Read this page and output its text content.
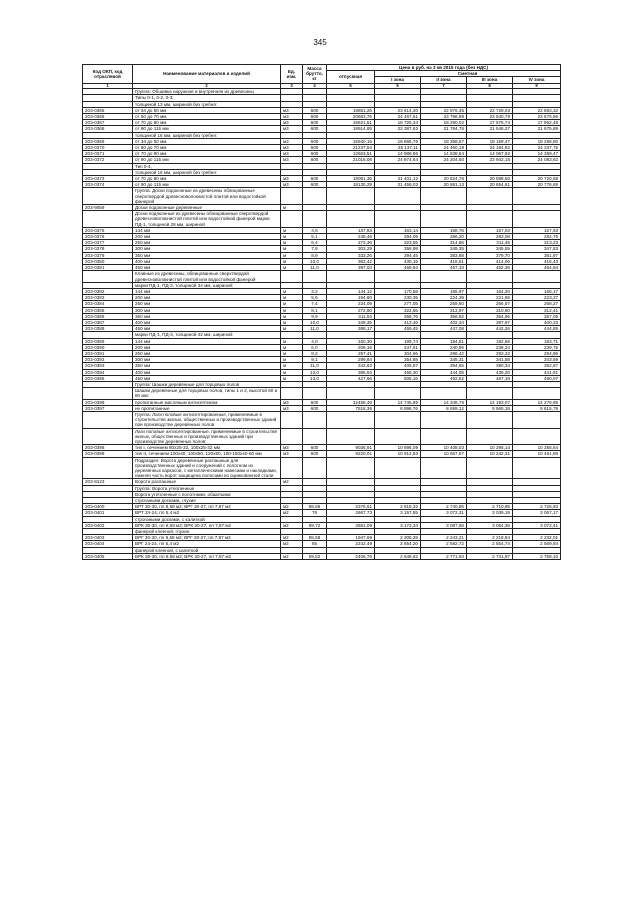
345
Код ОКП, код отраслевой	Наименование материалов и изделий	Ед. изм.	Масса брутто, кг	Цена в руб. на 3 кв 2015 года (без НДС)				
				отпускная	Сметная			
					I зона	II зона	III зона	IV зона
1	2	3	4	5	6	7	8	9
	Группа: Обшивка наружная и внутренняя из древесины							
	Типы 0-1, 0-2, 0-3;							
	толщиной 13 мм, шириной без гребня:							
203-0365	от 34 до 50 мм	м3	600	19851,26	23 614,30	22 976,35	22 729,03	22 863,32
203-0366	от 50 до 70 мм	м3	600	20663,75	24 457,61	23 788,99	23 540,79	23 675,86
203-0367	от 70 до 90 мм	м3	600	15821,51	18 726,34	18 280,02	17 575,74	17 952,48
203-0368	от 90 до 115 мм	м3	600	18914,85	22 387,63	21 784,76	21 548,37	21 675,89
	толщиной 16 мм, шириной без гребня:							
203-0369	от 34 до 50 мм	м3	600	15940,15	18 866,76	18 358,67	18 159,47	18 266,80
203-0370	от 50 до 70 мм	м3	600	21237,54	25 137,11	24 460,19	24 194,82	24 337,75
203-0371	от 70 до 90 мм	м3	600	12663,51	14 988,86	14 638,64	14 067,92	14 369,47
203-0372	от 90 до 115 мм	м3	600	21016,08	24 874,64	24 204,60	23 942,15	24 083,62
	Тип 0-4,							
	толщиной 16 мм, шириной без гребня:							
203-0373	от 70 до 90 мм	м3	600	18081,35	21 401,12	20 824,76	20 598,50	20 720,58
203-0374	от 90 до 115 мм	м3	600	18130,29	21 459,03	20 881,13	20 654,61	20 776,68
	Группа: Доски подоконные из древесины облицованные сверхтвердой древесноволокнистой плитой или водостойкой фанерой							
203-9059	Доски подоконные деревянные	м						
	Доски подоконные из древесины облицованные сверхтвердой древесноволокнистой плитой или водостойкой фанерой марки ПД-1, толщиной 28 мм, шириной							
203-0375	144 мм	м	3,6	137,83	163,14	158,76	157,03	157,93
203-0376	200 мм	м	5,1	248,46	294,09	286,20	283,08	284,76
203-0377	250 мм	м	6,4	273,36	323,55	314,86	311,45	313,23
203-0378	300 мм	м	7,6	303,29	358,98	349,35	345,55	347,53
203-0379	350 мм	м	8,9	333,26	394,45	383,88	379,70	381,87
203-0380	400 мм	м	10,0	363,42	430,15	418,61	414,06	416,43
203-0381	450 мм	м	11,0	397,03	469,94	457,33	452,36	454,94
	Клавные из древесины, облицованные сверхтвердой древесноволокнистой плитой или водостойкой фанерой							
	марки ПД-1, ПД-3, толщиной 34 мм, шириной:							
203-0382	144 мм	м	3,2	144,12	170,58	165,97	164,20	165,17
203-0383	200 мм	м	5,6	194,60	230,35	224,39	221,65	223,27
203-0384	250 мм	м	7,4	234,09	277,05	269,60	266,67	268,27
203-0385	300 мм	м	8,1	272,60	322,66	313,97	310,60	312,41
203-0386	350 мм	м	9,9	311,53	368,76	358,82	354,96	357,05
203-0387	400 мм	м	10,0	349,35	413,46	402,34	397,97	400,33
203-0388	450 мм	м	11,0	388,17	459,45	447,08	442,26	444,85
	марки ПД-1, ПД-3, толщиной 42 мм, шириной:							
203-0389	144 мм	м	4,0	160,30	189,74	184,61	182,58	183,71
203-0390	200 мм	м	6,0	209,16	247,61	240,95	238,34	239,75
203-0391	250 мм	м	8,2	257,41	304,66	296,42	293,22	294,96
203-0392	300 мм	м	9,1	299,84	354,88	345,31	341,58	343,59
203-0393	350 мм	м	11,0	342,63	405,57	394,65	390,34	392,67
203-0394	400 мм	м	12,0	385,53	456,30	444,05	439,20	441,81
203-0395	450 мм	м	13,0	427,66	506,16	492,52	487,18	490,07
	Группа: Шашки деревянные для торцовых полов							
	Шашки деревянные для торцовых полов, типы 1 и 2, высотой 60 и 80 мм:							
203-0396	пропитанные масляным антисептиком	м3	600	12458,49	14 745,85	14 348,76	14 193,07	14 276,95
203-0397	не пропитанные	м3	600	7518,36	8 898,76	8 659,12	8 565,18	8 615,78
	Группа: Лаги половые антисептированные, применяемые в строительстве жилых, общественных и производственных зданий при производстве деревянных полов							
	Лаги половые антисептированные, применяемые в строительстве жилых, общественных и производственных зданий при производстве деревянных полов:							
203-0398	тип I, сечением 80х25-32, 100х25-32 мм	м3	600	9036,91	10 696,09	10 408,03	10 295,14	10 355,84
203-0399	тип II, сечением 100х40, 100х50, 120х50, 100-150х40-60 мм	м3	600	9220,01	10 912,83	10 657,97	10 242,31	10 461,86
	Подраздел: Ворота деревянные распашные для производственных зданий и сооружений с полотном из деревянных каркасов, с металлическими навесами и накладками, нижняя часть ворот защищена полосами из оцинкованной стали							
203-9123	Ворота распашные	м2						
	Группа: Ворота утепленные							
	Ворота утепленные с полотнами, обшитыми:							
	строгаными досками, глухие							
203-0400	ВРТ 30-30, пл 8,58 м2; ВРГ 30-27, пл 7,87 м2	м2	65,66	2378,61	2 815,32	2 740,86	2 710,95	2 726,93
203-0401	ВРТ 24-24, пл 5,4 м2	м2	76	2667,73	3 157,55	3 072,31	3 039,19	3 057,17
	строгаными досками, с калиткой							
203-0402	ВРК 30-30, пл 8,58 м2; ВРК 30-27, пл 7,87 м2	м2	69,72	2681,09	3 173,34	3 087,68	3 054,35	3 072,41
	фанерой клееной, глухие							
203-0403	ВРГ 30-30, пл 8,58 м2; ВРГ 30-27, пл 7,87 м2	м2	55,58	1947,69	2 305,28	2 243,21	2 218,84	2 232,01
203-0404	ВРГ 24-24, пл 5,4 м2	м2	65	2242,49	2 654,20	2 582,72	2 554,74	2 569,84
	фанерой клееной, с калиткой							
203-0405	ВРК 30-30, пл 8,58 м2; ВРК 30-27, пл 7,87 м2	м2	59,52	2406,76	2 848,62	2 771,93	2 741,87	2 758,10
